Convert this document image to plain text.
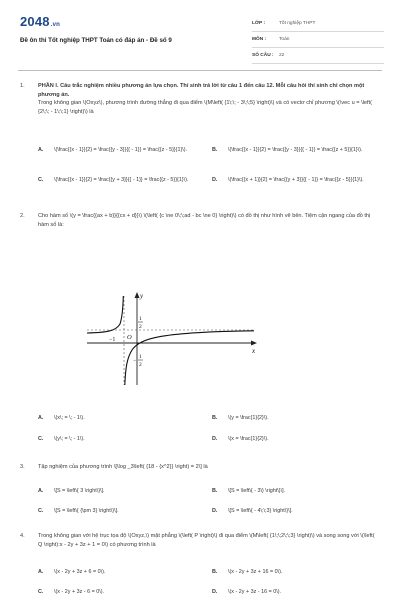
2048.vn
Đề ôn thi Tốt nghiệp THPT Toán có đáp án - Đề số 9
LỚP :	Tốt nghiệp THPT
MÔN :	Toán
SỐ CÂU : 22
1. PHẦN I. Câu trắc nghiệm nhiều phương án lựa chọn. Thí sinh trả lời từ câu 1 đến câu 12. Mỗi câu hỏi thí sinh chỉ chọn một phương án.
Trong không gian \(Oxyz\), phương trình đường thẳng đi qua điểm \(M\left( {1\;\; - 3\;\;5} \right)\) và có vectơ chỉ phương \(\vec u = \left( {2\;\; - 1\;\;1} \right)\) là
A. \(\frac{{x - 1}}{2} = \frac{{y - 3}}{{ - 1}} = \frac{{z - 5}}{1}\).	B. \(\frac{{x - 1}}{2} = \frac{{y - 3}}{{ - 1}} = \frac{{z + 5}}{1}\).
C. \(\frac{{x - 1}}{2} = \frac{{y + 3}}{{ - 1}} = \frac{{z - 5}}{1}\).	D. \(\frac{{x + 1}}{2} = \frac{{y + 3}}{{ - 1}} = \frac{{z - 5}}{1}\).
2. Cho hàm số \(y = \frac{{ax + b}}{{cx + d}}\) \(\left( {c \ne 0\;\;ad - bc \ne 0} \right)\) có đồ thị như hình vẽ bên. Tiệm cận ngang của đồ thị hàm số là:
y
x
O
1
2
−1
−
1
2
A. \(x\; = \; - 1\).	B. \(y = \frac{1}{2}\).
C. \(y\; = \; - 1\).	D. \(x = \frac{1}{2}\).
3. Tập nghiệm của phương trình \[\log _3\left( {18 - {x^2}} \right) = 2\] là
A. \[S = \left\{ 3 \right\}\].	B. \[S = \left\{ - 3\} \right\}\].
C. \[S = \left\{ {\pm 3} \right\}\].	D. \[S = \left\{ - 4\;\;3} \right\}\].
4. Trong không gian với hệ trục tọa độ \(Oxyz,\) mặt phẳng \(\left( P \right)\) đi qua điểm \(M\left( {1\;\;2\;\;3} \right)\) và song song với \(\left( Q \right):x - 2y + 3z + 1 = 0\) có phương trình là
A. \(x - 2y + 3z + 6 = 0\).	B. \(x - 2y + 3z + 16 = 0\).
C. \(x - 2y + 3z - 6 = 0\).	D. \(x - 2y + 3z - 16 = 0\).
